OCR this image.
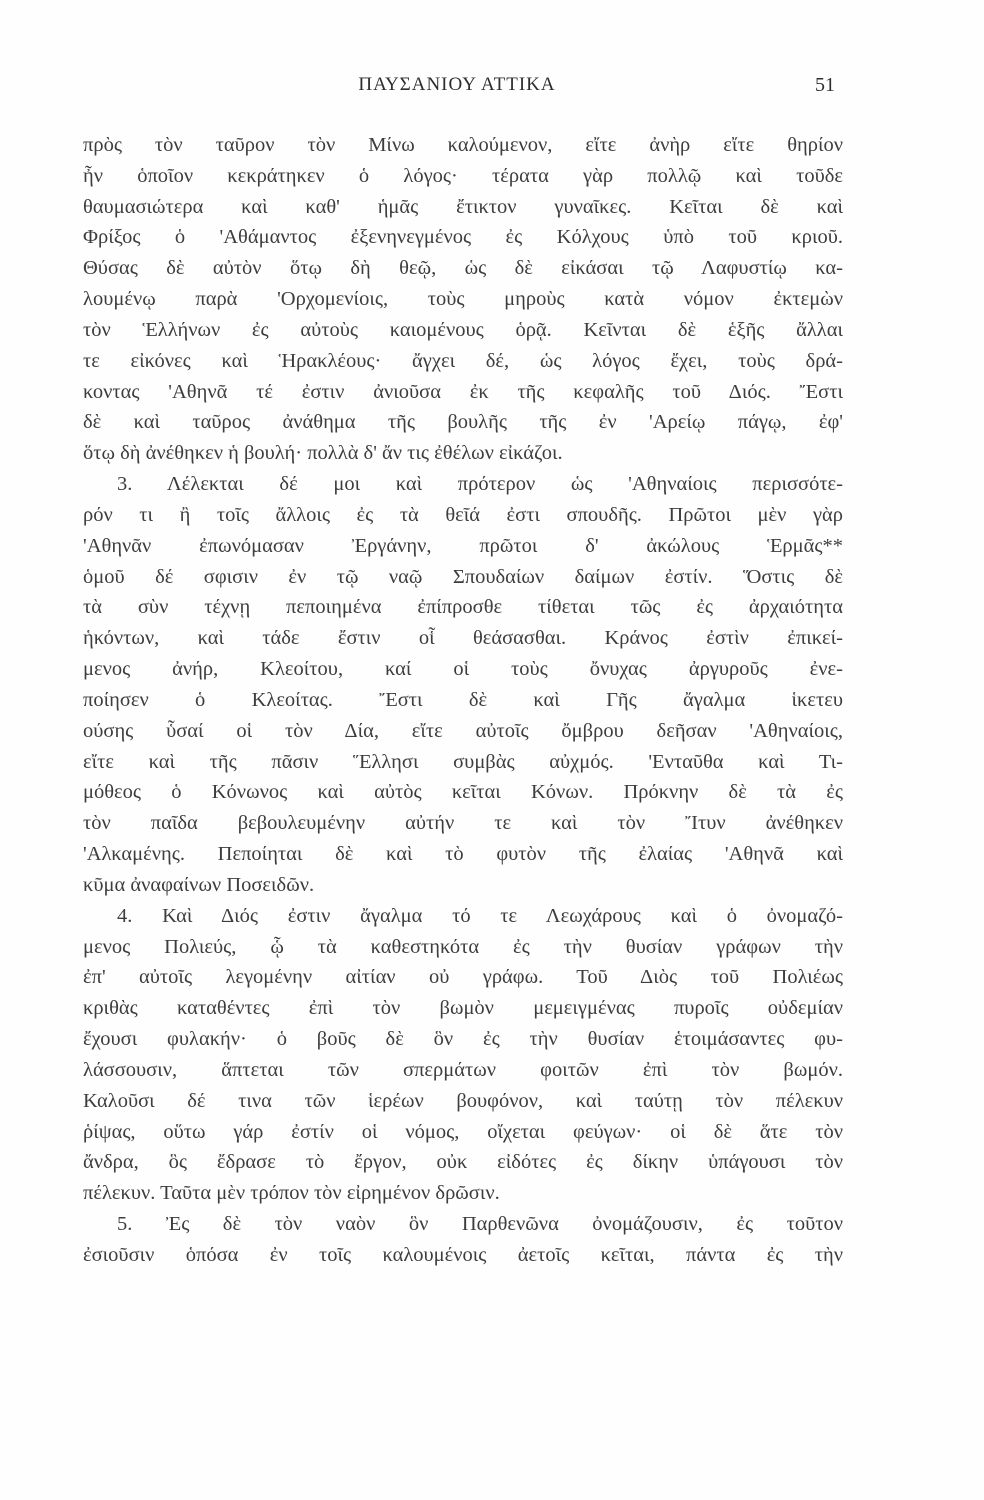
ΠΑΥΣΑΝΙΟΥ ΑΤΤΙΚΑ	51
πρὸς τὸν ταῦρον τὸν Μίνω καλούμενον, εἴτε ἀνὴρ εἴτε θηρίον
ἦν ὁποῖον κεκράτηκεν ὁ λόγος· τέρατα γὰρ πολλῷ καὶ τοῦδε
θαυμασιώτερα καὶ καθ' ἡμᾶς ἔτικτον γυναῖκες. Κεῖται δὲ καὶ
Φρίξος ὁ 'Αθάμαντος ἐξενηνεγμένος ἐς Κόλχους ὑπὸ τοῦ κριοῦ.
Θύσας δὲ αὐτὸν ὅτῳ δὴ θεῷ, ὡς δὲ εἰκάσαι τῷ Λαφυστίῳ κα-
λουμένῳ παρὰ 'Ορχομενίοις, τοὺς μηροὺς κατὰ νόμον ἐκτεμὼν
τὸν Ἑλλήνων ἐς αὐτοὺς καιομένους ὁρᾷ. Κεῖνται δὲ ἑξῆς ἄλλαι
τε εἰκόνες καὶ Ἡρακλέους· ἄγχει δέ, ὡς λόγος ἔχει, τοὺς δρά-
κοντας 'Αθηνᾶ τέ ἐστιν ἀνιοῦσα ἐκ τῆς κεφαλῆς τοῦ Διός. Ἔστι
δὲ καὶ ταῦρος ἀνάθημα τῆς βουλῆς τῆς ἐν 'Αρείῳ πάγῳ, ἐφ'
ὅτῳ δὴ ἀνέθηκεν ἡ βουλή· πολλὰ δ' ἄν τις ἐθέλων εἰκάζοι.
3. Λέλεκται δέ μοι καὶ πρότερον ὡς 'Αθηναίοις περισσότε-
ρόν τι ἢ τοῖς ἄλλοις ἐς τὰ θεῖά ἐστι σπουδῆς. Πρῶτοι μὲν γὰρ
'Αθηνᾶν ἐπωνόμασαν Ἐργάνην, πρῶτοι δ' ἀκώλους Ἑρμᾶς**
ὁμοῦ δέ σφισιν ἐν τῷ ναῷ Σπουδαίων δαίμων ἐστίν. Ὅστις δὲ
τὰ σὺν τέχνῃ πεποιημένα ἐπίπροσθε τίθεται τῶς ἐς ἀρχαιότητα
ἡκόντων, καὶ τάδε ἔστιν οἷ θεάσασθαι. Κράνος ἐστὶν ἐπικεί-
μενος ἀνήρ, Κλεοίτου, καί οἱ τοὺς ὄνυχας ἀργυροῦς ἐνε-
ποίησεν ὁ Κλεοίτας. Ἔστι δὲ καὶ Γῆς ἄγαλμα ἱκετευ
ούσης ὗσαί οἱ τὸν Δία, εἴτε αὐτοῖς ὄμβρου δεῆσαν 'Αθηναίοις,
εἴτε καὶ τῆς πᾶσιν Ἕλλησι συμβὰς αὐχμός. 'Ενταῦθα καὶ Τι-
μόθεος ὁ Κόνωνος καὶ αὐτὸς κεῖται Κόνων. Πρόκνην δὲ τὰ ἐς
τὸν παῖδα βεβουλευμένην αὐτήν τε καὶ τὸν Ἴτυν ἀνέθηκεν
'Αλκαμένης. Πεποίηται δὲ καὶ τὸ φυτὸν τῆς ἐλαίας 'Αθηνᾶ καὶ
κῦμα ἀναφαίνων Ποσειδῶν.
4. Καὶ Διός ἐστιν ἄγαλμα τό τε Λεωχάρους καὶ ὁ ὀνομαζό-
μενος Πολιεύς, ᾧ τὰ καθεστηκότα ἐς τὴν θυσίαν γράφων τὴν
ἐπ' αὐτοῖς λεγομένην αἰτίαν οὐ γράφω. Τοῦ Διὸς τοῦ Πολιέως
κριθὰς καταθέντες ἐπὶ τὸν βωμὸν μεμειγμένας πυροῖς οὐδεμίαν
ἔχουσι φυλακήν· ὁ βοῦς δὲ ὃν ἐς τὴν θυσίαν ἑτοιμάσαντες φυ-
λάσσουσιν, ἅπτεται τῶν σπερμάτων φοιτῶν ἐπὶ τὸν βωμόν.
Καλοῦσι δέ τινα τῶν ἱερέων βουφόνον, καὶ ταύτῃ τὸν πέλεκυν
ῥίψας, οὕτω γάρ ἐστίν οἱ νόμος, οἴχεται φεύγων· οἱ δὲ ἅτε τὸν
ἄνδρα, ὃς ἔδρασε τὸ ἔργον, οὐκ εἰδότες ἐς δίκην ὑπάγουσι τὸν
πέλεκυν. Ταῦτα μὲν τρόπον τὸν εἰρημένον δρῶσιν.
5. Ἐς δὲ τὸν ναὸν ὃν Παρθενῶνα ὀνομάζουσιν, ἐς τοῦτον
ἐσιοῦσιν ὁπόσα ἐν τοῖς καλουμένοις ἀετοῖς κεῖται, πάντα ἐς τὴν
